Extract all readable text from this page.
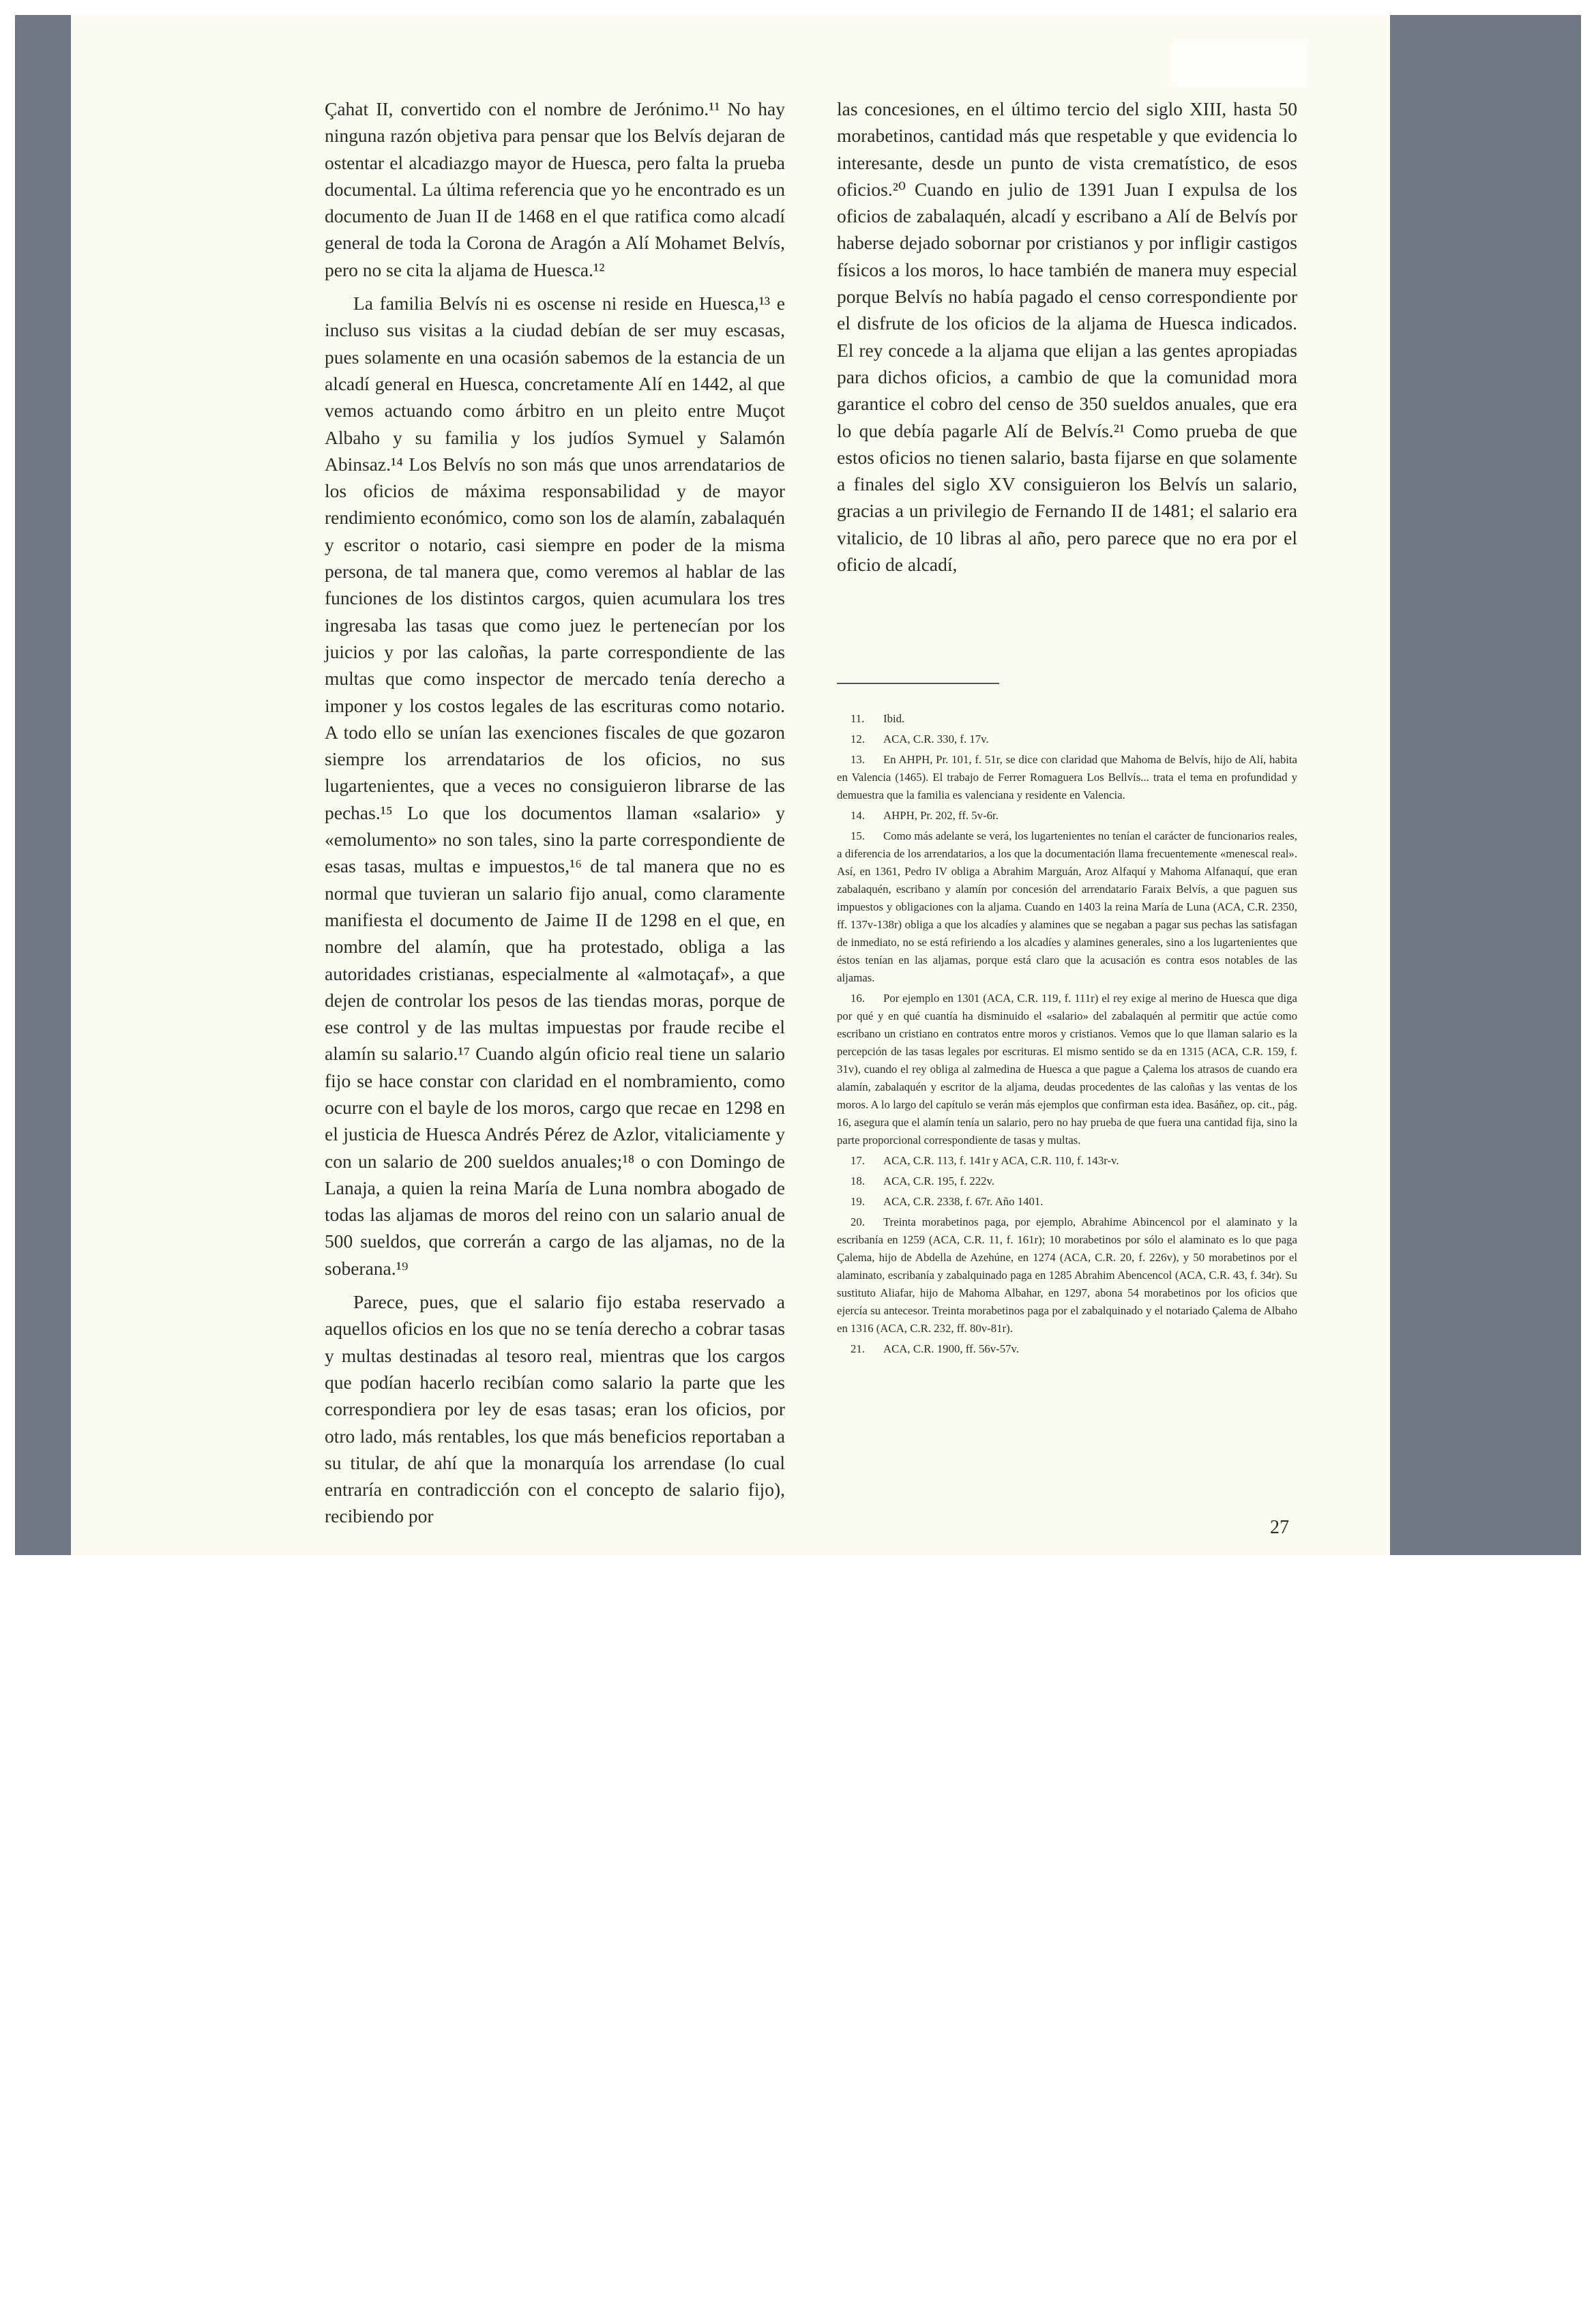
Çahat II, convertido con el nombre de Jerónimo.¹¹ No hay ninguna razón objetiva para pensar que los Belvís dejaran de ostentar el alcadiazgo mayor de Huesca, pero falta la prueba documental. La última referencia que yo he encontrado es un documento de Juan II de 1468 en el que ratifica como alcadí general de toda la Corona de Aragón a Alí Mohamet Belvís, pero no se cita la aljama de Huesca.¹²

La familia Belvís ni es oscense ni reside en Huesca,¹³ e incluso sus visitas a la ciudad debían de ser muy escasas, pues solamente en una ocasión sabemos de la estancia de un alcadí general en Huesca, concretamente Alí en 1442, al que vemos actuando como árbitro en un pleito entre Muçot Albaho y su familia y los judíos Symuel y Salamón Abinsaz.¹⁴ Los Belvís no son más que unos arrendatarios de los oficios de máxima responsabilidad y de mayor rendimiento económico, como son los de alamín, zabalaquén y escritor o notario, casi siempre en poder de la misma persona, de tal manera que, como veremos al hablar de las funciones de los distintos cargos, quien acumulara los tres ingresaba las tasas que como juez le pertenecían por los juicios y por las caloñas, la parte correspondiente de las multas que como inspector de mercado tenía derecho a imponer y los costos legales de las escrituras como notario. A todo ello se unían las exenciones fiscales de que gozaron siempre los arrendatarios de los oficios, no sus lugartenientes, que a veces no consiguieron librarse de las pechas.¹⁵ Lo que los documentos llaman «salario» y «emolumento» no son tales, sino la parte correspondiente de esas tasas, multas e impuestos,¹⁶ de tal manera que no es normal que tuvieran un salario fijo anual, como claramente manifiesta el documento de Jaime II de 1298 en el que, en nombre del alamín, que ha protestado, obliga a las autoridades cristianas, especialmente al «almotaçaf», a que dejen de controlar los pesos de las tiendas moras, porque de ese control y de las multas impuestas por fraude recibe el alamín su salario.¹⁷ Cuando algún oficio real tiene un salario fijo se hace constar con claridad en el nombramiento, como ocurre con el bayle de los moros, cargo que recae en 1298 en el justicia de Huesca Andrés Pérez de Azlor, vitaliciamente y con un salario de 200 sueldos anuales;¹⁸ o con Domingo de Lanaja, a quien la reina María de Luna nombra abogado de todas las aljamas de moros del reino con un salario anual de 500 sueldos, que correrán a cargo de las aljamas, no de la soberana.¹⁹

Parece, pues, que el salario fijo estaba reservado a aquellos oficios en los que no se tenía derecho a cobrar tasas y multas destinadas al tesoro real, mientras que los cargos que podían hacerlo recibían como salario la parte que les correspondiera por ley de esas tasas; eran los oficios, por otro lado, más rentables, los que más beneficios reportaban a su titular, de ahí que la monarquía los arrendase (lo cual entraría en contradicción con el concepto de salario fijo), recibiendo por

las concesiones, en el último tercio del siglo XIII, hasta 50 morabetinos, cantidad más que respetable y que evidencia lo interesante, desde un punto de vista crematístico, de esos oficios.²⁰ Cuando en julio de 1391 Juan I expulsa de los oficios de zabalaquén, alcadí y escribano a Alí de Belvís por haberse dejado sobornar por cristianos y por infligir castigos físicos a los moros, lo hace también de manera muy especial porque Belvís no había pagado el censo correspondiente por el disfrute de los oficios de la aljama de Huesca indicados. El rey concede a la aljama que elijan a las gentes apropiadas para dichos oficios, a cambio de que la comunidad mora garantice el cobro del censo de 350 sueldos anuales, que era lo que debía pagarle Alí de Belvís.²¹ Como prueba de que estos oficios no tienen salario, basta fijarse en que solamente a finales del siglo XV consiguieron los Belvís un salario, gracias a un privilegio de Fernando II de 1481; el salario era vitalicio, de 10 libras al año, pero parece que no era por el oficio de alcadí,

11. Ibid.
12. ACA, C.R. 330, f. 17v.
13. En AHPH, Pr. 101, f. 51r, se dice con claridad que Mahoma de Belvís, hijo de Alí, habita en Valencia (1465). El trabajo de Ferrer Romaguera Los Bellvís... trata el tema en profundidad y demuestra que la familia es valenciana y residente en Valencia.
14. AHPH, Pr. 202, ff. 5v-6r.
15. Como más adelante se verá, los lugartenientes no tenían el carácter de funcionarios reales, a diferencia de los arrendatarios, a los que la documentación llama frecuentemente «menescal real». Así, en 1361, Pedro IV obliga a Abrahim Marguán, Aroz Alfaquí y Mahoma Alfanaquí, que eran zabalaquén, escribano y alamín por concesión del arrendatario Faraix Belvís, a que paguen sus impuestos y obligaciones con la aljama. Cuando en 1403 la reina María de Luna (ACA, C.R. 2350, ff. 137v-138r) obliga a que los alcadíes y alamines que se negaban a pagar sus pechas las satisfagan de inmediato, no se está refiriendo a los alcadíes y alamines generales, sino a los lugartenientes que éstos tenían en las aljamas, porque está claro que la acusación es contra esos notables de las aljamas.
16. Por ejemplo en 1301 (ACA, C.R. 119, f. 111r) el rey exige al merino de Huesca que diga por qué y en qué cuantía ha disminuido el «salario» del zabalaquén al permitir que actúe como escribano un cristiano en contratos entre moros y cristianos. Vemos que lo que llaman salario es la percepción de las tasas legales por escrituras. El mismo sentido se da en 1315 (ACA, C.R. 159, f. 31v), cuando el rey obliga al zalmedina de Huesca a que pague a Çalema los atrasos de cuando era alamín, zabalaquén y escritor de la aljama, deudas procedentes de las caloñas y las ventas de los moros. A lo largo del capítulo se verán más ejemplos que confirman esta idea. Basáñez, op. cit., pág. 16, asegura que el alamín tenía un salario, pero no hay prueba de que fuera una cantidad fija, sino la parte proporcional correspondiente de tasas y multas.
17. ACA, C.R. 113, f. 141r y ACA, C.R. 110, f. 143r-v.
18. ACA, C.R. 195, f. 222v.
19. ACA, C.R. 2338, f. 67r. Año 1401.
20. Treinta morabetinos paga, por ejemplo, Abrahime Abincencol por el alaminato y la escribanía en 1259 (ACA, C.R. 11, f. 161r); 10 morabetinos por sólo el alaminato es lo que paga Çalema, hijo de Abdella de Azehúne, en 1274 (ACA, C.R. 20, f. 226v), y 50 morabetinos por el alaminato, escribanía y zabalquinado paga en 1285 Abrahim Abencencol (ACA, C.R. 43, f. 34r). Su sustituto Aliafar, hijo de Mahoma Albahar, en 1297, abona 54 morabetinos por los oficios que ejercía su antecesor. Treinta morabetinos paga por el zabalquinado y el notariado Çalema de Albaho en 1316 (ACA, C.R. 232, ff. 80v-81r).
21. ACA, C.R. 1900, ff. 56v-57v.
27
